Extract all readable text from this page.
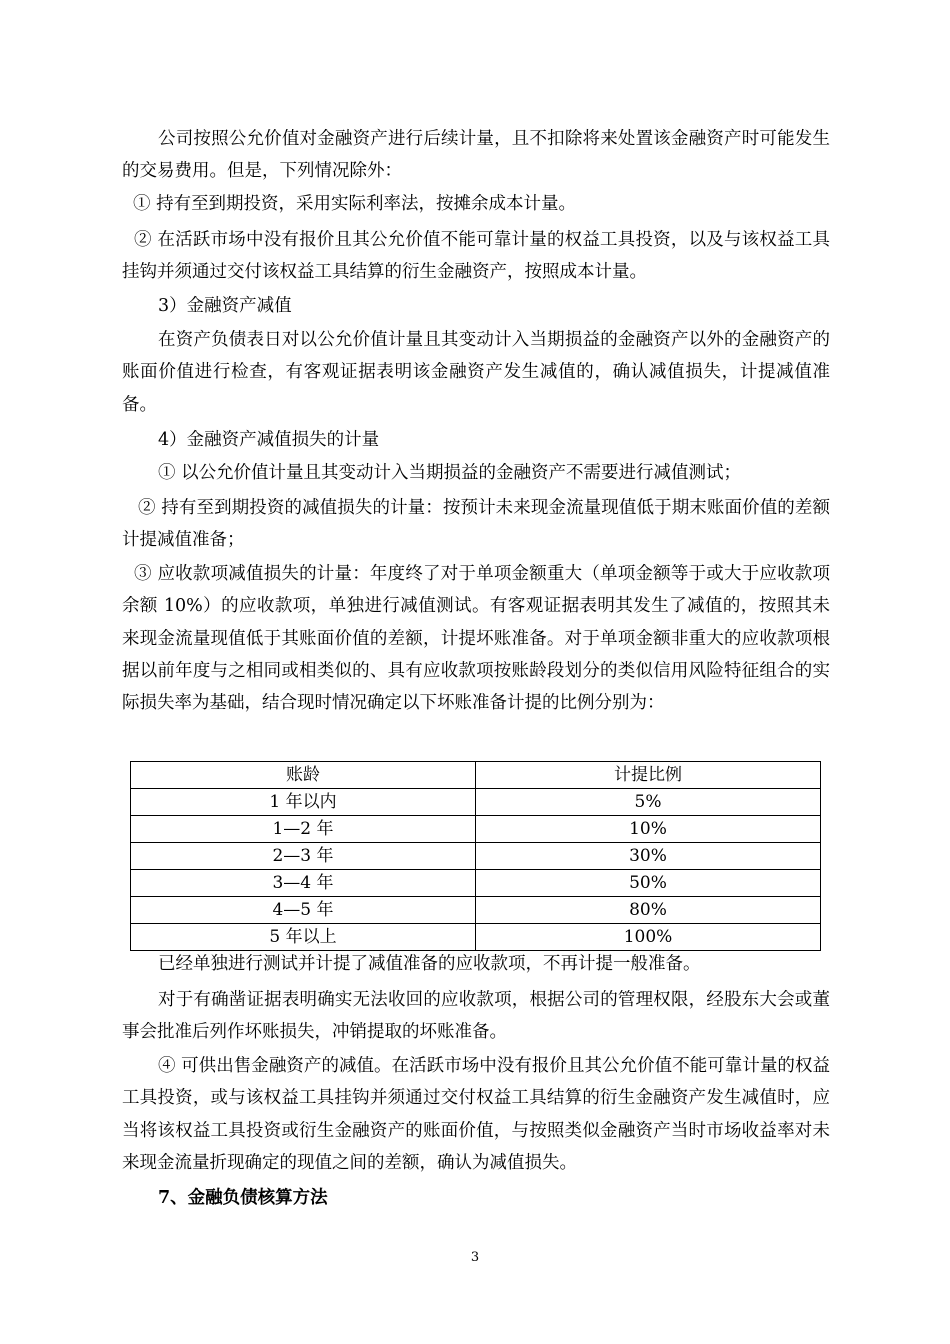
公司按照公允价值对金融资产进行后续计量，且不扣除将来处置该金融资产时可能发生的交易费用。但是，下列情况除外：

① 持有至到期投资，采用实际利率法，按摊余成本计量。

② 在活跃市场中没有报价且其公允价值不能可靠计量的权益工具投资，以及与该权益工具挂钩并须通过交付该权益工具结算的衍生金融资产，按照成本计量。

3）金融资产减值

在资产负债表日对以公允价值计量且其变动计入当期损益的金融资产以外的金融资产的账面价值进行检查，有客观证据表明该金融资产发生减值的，确认减值损失，计提减值准备。

4）金融资产减值损失的计量

① 以公允价值计量且其变动计入当期损益的金融资产不需要进行减值测试；

② 持有至到期投资的减值损失的计量：按预计未来现金流量现值低于期末账面价值的差额计提减值准备；

③ 应收款项减值损失的计量：年度终了对于单项金额重大（单项金额等于或大于应收款项余额 10%）的应收款项，单独进行减值测试。有客观证据表明其发生了减值的，按照其未来现金流量现值低于其账面价值的差额，计提坏账准备。对于单项金额非重大的应收款项根据以前年度与之相同或相类似的、具有应收款项按账龄段划分的类似信用风险特征组合的实际损失率为基础，结合现时情况确定以下坏账准备计提的比例分别为：

账龄	计提比例
1 年以内	5%
1—2 年	10%
2—3 年	30%
3—4 年	50%
4—5 年	80%
5 年以上	100%

已经单独进行测试并计提了减值准备的应收款项，不再计提一般准备。

对于有确凿证据表明确实无法收回的应收款项，根据公司的管理权限，经股东大会或董事会批准后列作坏账损失，冲销提取的坏账准备。

④ 可供出售金融资产的减值。在活跃市场中没有报价且其公允价值不能可靠计量的权益工具投资，或与该权益工具挂钩并须通过交付权益工具结算的衍生金融资产发生减值时，应当将该权益工具投资或衍生金融资产的账面价值，与按照类似金融资产当时市场收益率对未来现金流量折现确定的现值之间的差额，确认为减值损失。

7、金融负债核算方法

3
